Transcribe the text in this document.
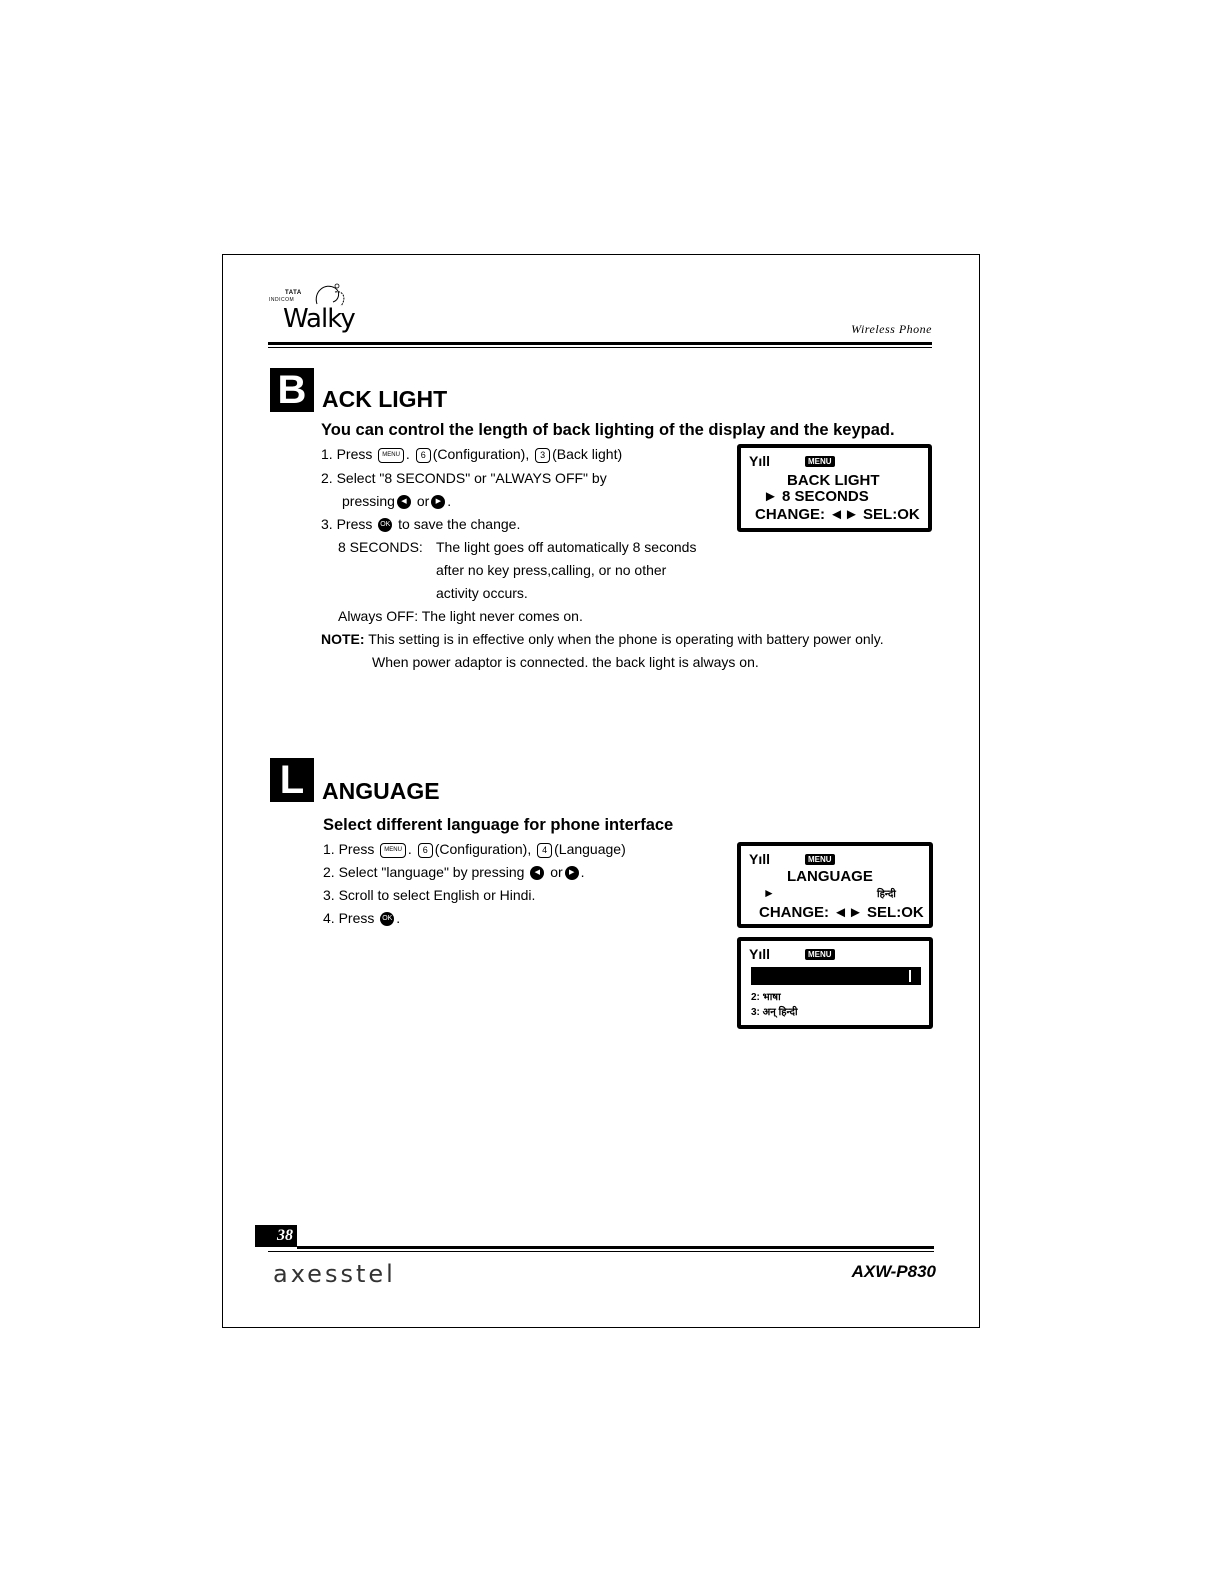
TATA
INDICOM
Walky	Wireless Phone
B ACK LIGHT
You can control the length of back lighting of the display and the keypad.
1. Press MENU . 6 (Configuration), 3 (Back light)
2. Select "8 SECONDS" or "ALWAYS OFF" by
pressing ◀ or ▶ .
3. Press OK to save the change.
8 SECONDS: The light goes off automatically 8 seconds
after no key press,calling, or no other
activity occurs.
Always OFF: The light never comes on.
NOTE: This setting is in effective only when the phone is operating with battery power only.
When power adaptor is connected. the back light is always on.
Υıll	MENU
BACK LIGHT
► 8 SECONDS
CHANGE: ◄► SEL:OK
L ANGUAGE
Select different language for phone interface
1. Press MENU . 6 (Configuration), 4 (Language)
2. Select "language" by pressing ◀ or ▶ .
3. Scroll to select English or Hindi.
4. Press OK .
Υıll	MENU
LANGUAGE
►	हिन्दी
CHANGE: ◄► SEL:OK
Υıll	MENU
2: भाषा
3: अन् हिन्दी
38
axesstel	AXW-P830
